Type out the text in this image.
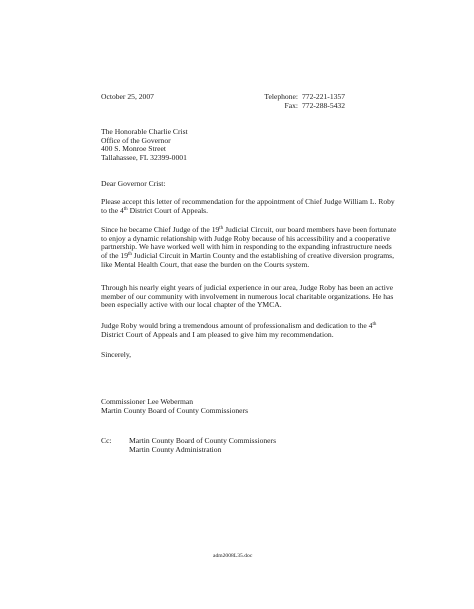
October 25, 2007	Telephone: 772-221-1357
Fax: 772-288-5432
The Honorable Charlie Crist
Office of the Governor
400 S. Monroe Street
Tallahassee, FL 32399-0001
Dear Governor Crist:
Please accept this letter of recommendation for the appointment of Chief Judge William L. Roby
to the 4th District Court of Appeals.
Since he became Chief Judge of the 19th Judicial Circuit, our board members have been fortunate
to enjoy a dynamic relationship with Judge Roby because of his accessibility and a cooperative
partnership. We have worked well with him in responding to the expanding infrastructure needs
of the 19th Judicial Circuit in Martin County and the establishing of creative diversion programs,
like Mental Health Court, that ease the burden on the Courts system.
Through his nearly eight years of judicial experience in our area, Judge Roby has been an active
member of our community with involvement in numerous local charitable organizations. He has
been especially active with our local chapter of the YMCA.
Judge Roby would bring a tremendous amount of professionalism and dedication to the 4th
District Court of Appeals and I am pleased to give him my recommendation.
Sincerely,
Commissioner Lee Weberman
Martin County Board of County Commissioners
Cc: Martin County Board of County Commissioners
Martin County Administration
adm2008L35.doc
